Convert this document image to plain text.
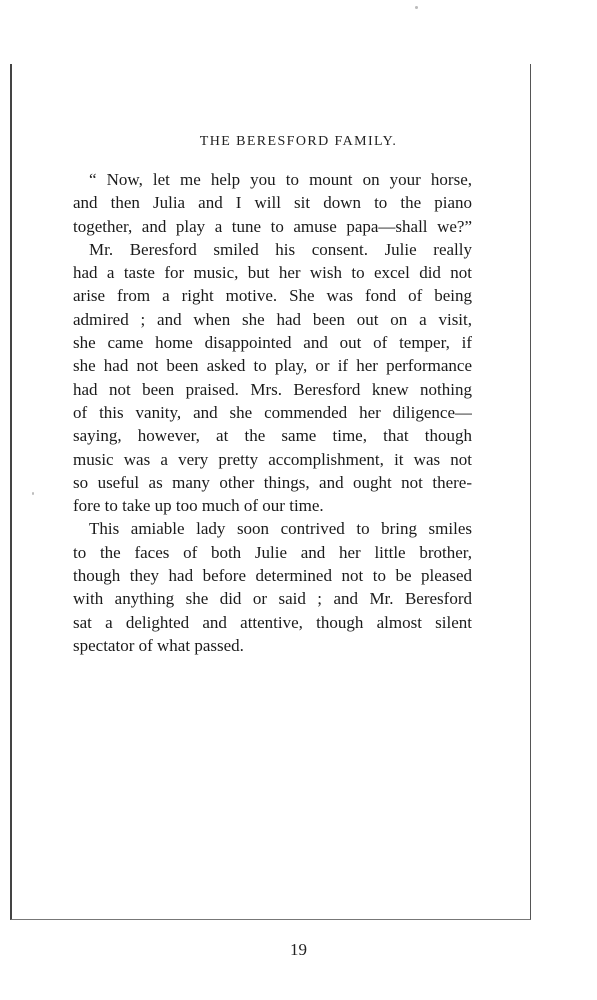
THE BERESFORD FAMILY.
“ Now, let me help you to mount on your horse,
and then Julia and I will sit down to the piano
together, and play a tune to amuse papa—shall we?”
Mr. Beresford smiled his consent. Julie really
had a taste for music, but her wish to excel did not
arise from a right motive. She was fond of being
admired ; and when she had been out on a visit,
she came home disappointed and out of temper, if
she had not been asked to play, or if her performance
had not been praised. Mrs. Beresford knew nothing
of this vanity, and she commended her diligence—
saying, however, at the same time, that though
music was a very pretty accomplishment, it was not
so useful as many other things, and ought not there-
fore to take up too much of our time.
This amiable lady soon contrived to bring smiles
to the faces of both Julie and her little brother,
though they had before determined not to be pleased
with anything she did or said ; and Mr. Beresford
sat a delighted and attentive, though almost silent
spectator of what passed.
19
